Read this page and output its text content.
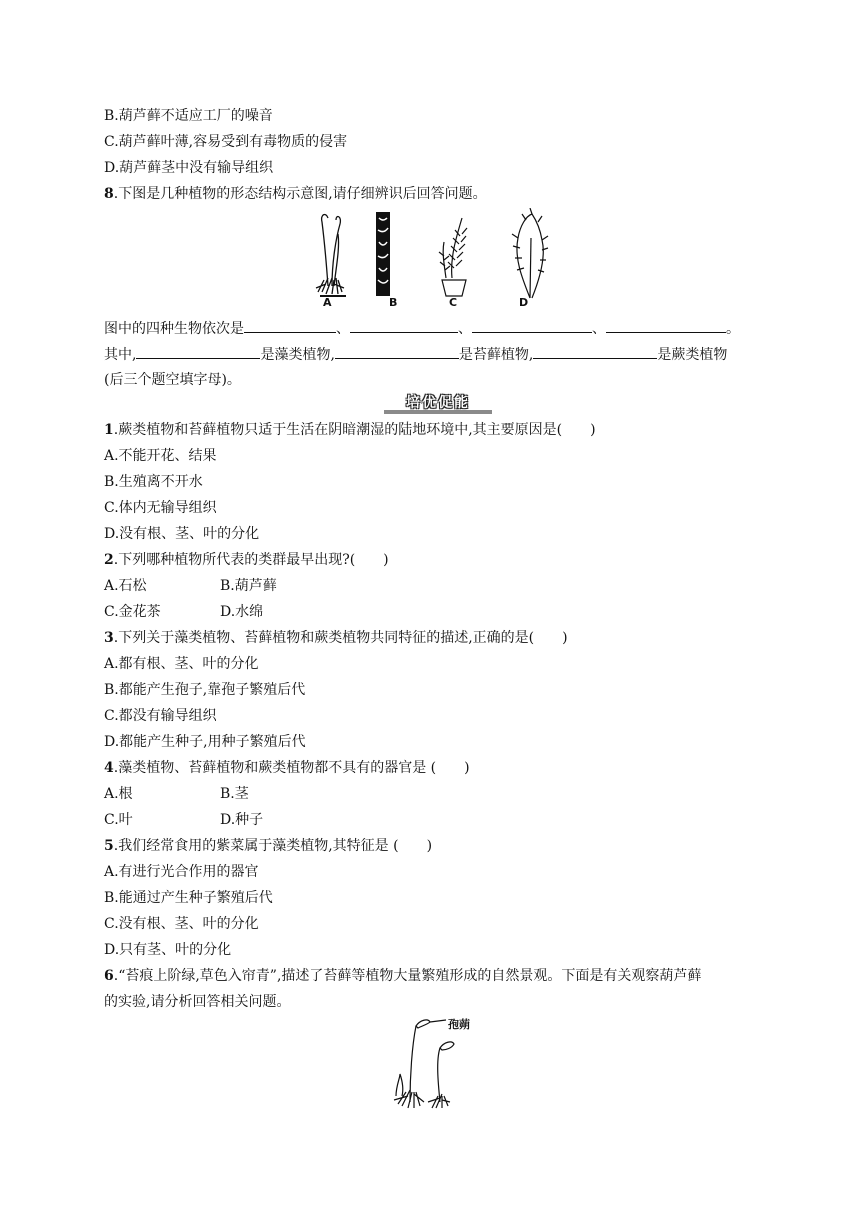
B.葫芦藓不适应工厂的噪音
C.葫芦藓叶薄,容易受到有毒物质的侵害
D.葫芦藓茎中没有输导组织
8.下图是几种植物的形态结构示意图,请仔细辨识后回答问题。
A	B	C	D
图中的四种生物依次是	、	、	、	。
其中,	是藻类植物,	是苔藓植物,	是蕨类植物
(后三个题空填字母)。
培优促能
1.蕨类植物和苔藓植物只适于生活在阴暗潮湿的陆地环境中,其主要原因是( )
A.不能开花、结果
B.生殖离不开水
C.体内无输导组织
D.没有根、茎、叶的分化
2.下列哪种植物所代表的类群最早出现?( )
A.石松	B.葫芦藓
C.金花茶	D.水绵
3.下列关于藻类植物、苔藓植物和蕨类植物共同特征的描述,正确的是( )
A.都有根、茎、叶的分化
B.都能产生孢子,靠孢子繁殖后代
C.都没有输导组织
D.都能产生种子,用种子繁殖后代
4.藻类植物、苔藓植物和蕨类植物都不具有的器官是 ( )
A.根	B.茎
C.叶	D.种子
5.我们经常食用的紫菜属于藻类植物,其特征是 ( )
A.有进行光合作用的器官
B.能通过产生种子繁殖后代
C.没有根、茎、叶的分化
D.只有茎、叶的分化
6.“苔痕上阶绿,草色入帘青”,描述了苔藓等植物大量繁殖形成的自然景观。下面是有关观察葫芦藓
的实验,请分析回答相关问题。
孢蒴
